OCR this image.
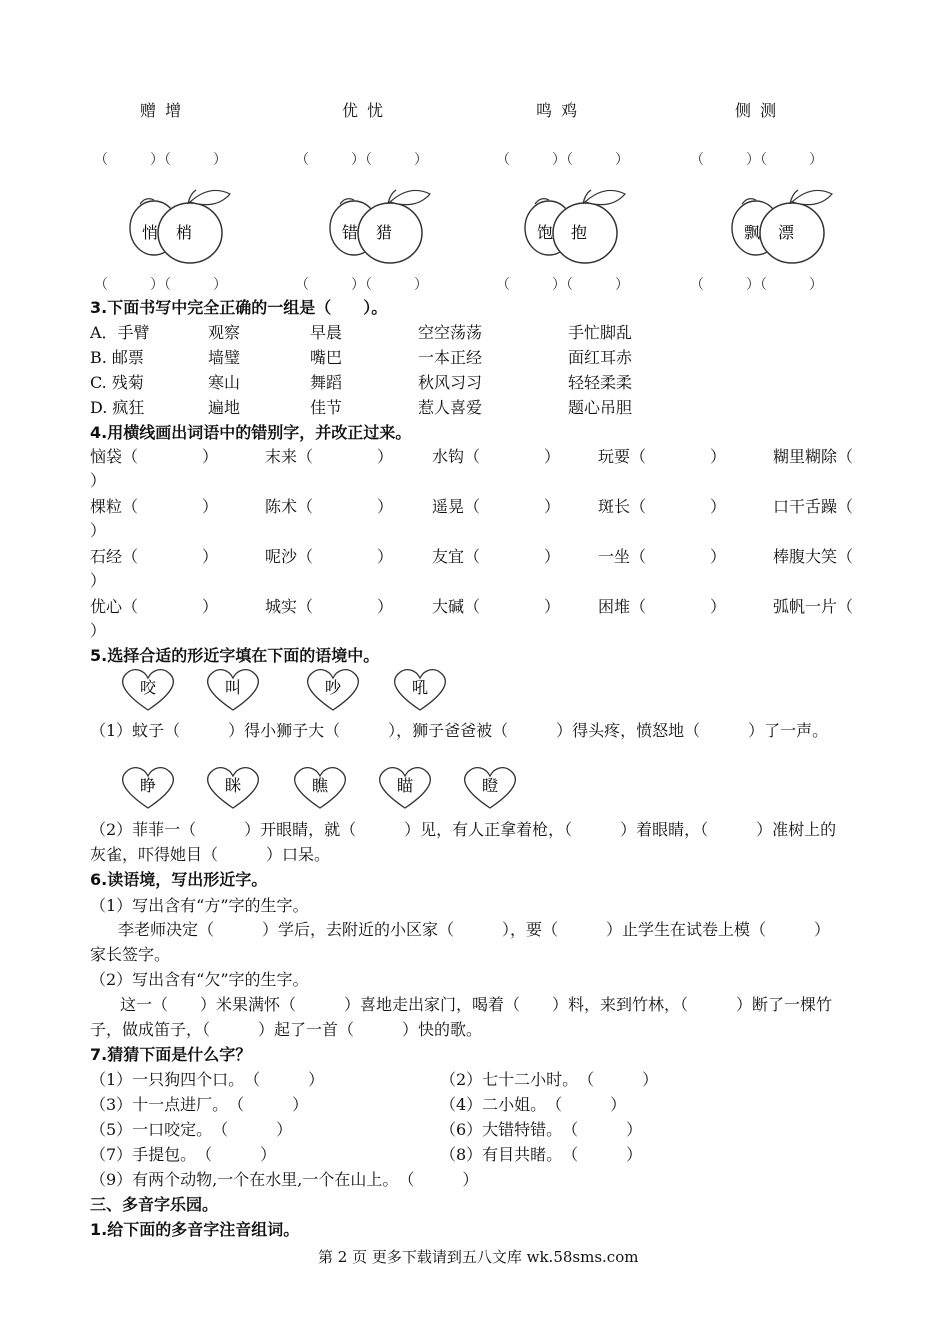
赠 增	优 忧	鸣 鸡	侧 测
（　　　）（　　　）	（　　　）（　　　）	（　　　）（　　　）	（　　　）（　　　）
悄 梢	错 猎	饱 抱	飘 漂
（　　　）（　　　）	（　　　）（　　　）	（　　　）（　　　）	（　　　）（　　　）
3.下面书写中完全正确的一组是（　　）。
A．手臂	观察	早晨	空空荡荡	手忙脚乱
B. 邮票	墙璧	嘴巴	一本正经	面红耳赤
C. 残菊	寒山	舞蹈	秋风习习	轻轻柔柔
D. 疯狂	遍地	佳节	惹人喜爱	题心吊胆
4.用横线画出词语中的错别字，并改正过来。
恼袋（　　　　）	末来（　　　　） 水钩（　　　　） 玩要（　　　　）	糊里糊除（
）
棵粒（　　　　）	陈术（　　　　） 遥晃（　　　　） 斑长（　　　　）	口干舌躁（
）
石经（　　　　）	呢沙（　　　　） 友宜（　　　　） 一坐（　　　　）	棒腹大笑（
）
优心（　　　　）	城实（　　　　） 大碱（　　　　） 困堆（　　　　）	弧帆一片（
）
5.选择合适的形近字填在下面的语境中。
咬	叫	吵	吼
（1）蚊子（　　　）得小狮子大（　　　），狮子爸爸被（　　　）得头疼，愤怒地（　　　）了一声。
睁	眯	瞧	瞄	瞪
（2）菲菲一（　　　）开眼睛，就（　　　）见，有人正拿着枪，（　　　）着眼睛，（　　　）准树上的
灰雀，吓得她目（　　　）口呆。
6.读语境，写出形近字。
（1）写出含有“方”字的生字。
李老师决定（　　　）学后，去附近的小区家（　　　），要（　　　）止学生在试卷上模（　　　）
家长签字。
（2）写出含有“欠”字的生字。
这一（　　）米果满怀（　　　）喜地走出家门，喝着（　　）料，来到竹林，（　　　）断了一棵竹
子，做成笛子，（　　　）起了一首（　　　）快的歌。
7.猜猜下面是什么字？
（1）一只狗四个口。　（　　　）	（2）七十二小时。　（　　　）
（3）十一点进厂。　（　　　）	（4）二小姐。　（　　　）
（5）一口咬定。　（　　　）	（6）大错特错。　（　　　）
（7）手提包。　（　　　）	（8）有目共睹。　（　　　）
（9）有两个动物,一个在水里,一个在山上。　（　　　）
三、多音字乐园。
1.给下面的多音字注音组词。
第 2 页 更多下载请到五八文库 wk.58sms.com
